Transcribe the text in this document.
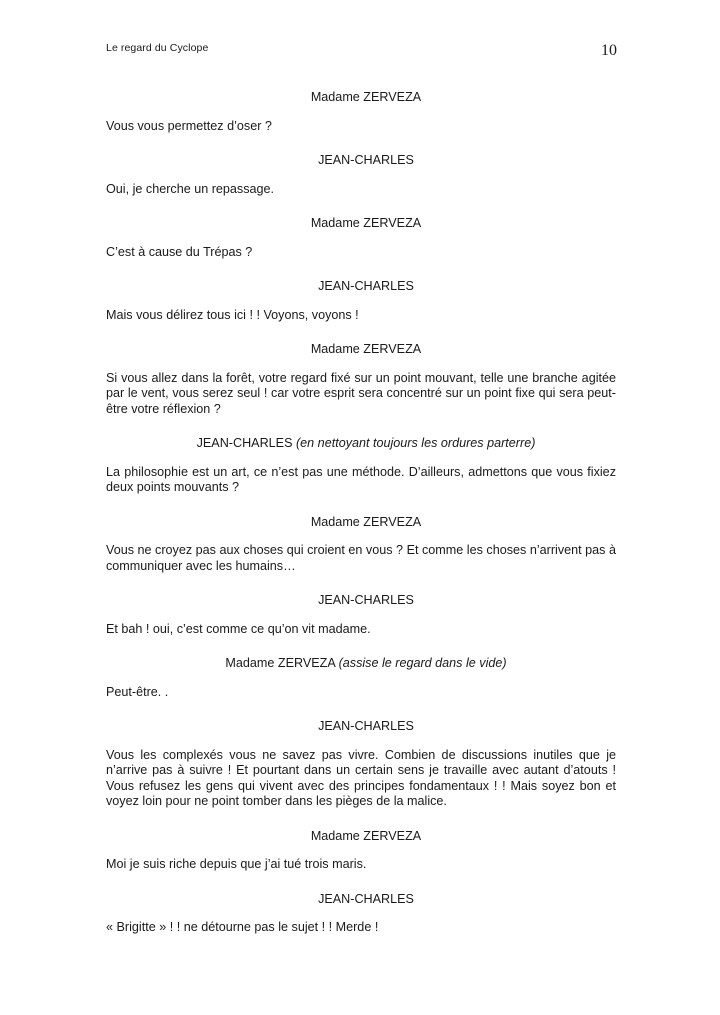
Le regard du Cyclope	10
Madame ZERVEZA
Vous vous permettez d’oser ?
JEAN-CHARLES
Oui, je cherche un repassage.
Madame ZERVEZA
C’est à cause du Trépas ?
JEAN-CHARLES
Mais vous délirez tous ici ! ! Voyons, voyons !
Madame ZERVEZA
Si vous allez dans la forêt, votre regard fixé sur un point mouvant, telle une branche agitée par le vent, vous serez seul ! car votre esprit sera concentré sur un point fixe qui sera peut-être votre réflexion ?
JEAN-CHARLES (en nettoyant toujours les ordures parterre)
La philosophie est un art, ce n’est pas une méthode. D’ailleurs, admettons que vous fixiez deux points mouvants ?
Madame ZERVEZA
Vous ne croyez pas aux choses qui croient en vous ? Et comme les choses n’arrivent pas à communiquer avec les humains…
JEAN-CHARLES
Et bah ! oui, c’est comme ce qu’on vit madame.
Madame ZERVEZA (assise le regard dans le vide)
Peut-être. .
JEAN-CHARLES
Vous les complexés vous ne savez pas vivre. Combien de discussions inutiles que je n’arrive pas à suivre ! Et pourtant dans un certain sens je travaille avec autant d’atouts ! Vous refusez les gens qui vivent avec des principes fondamentaux ! ! Mais soyez bon et voyez loin pour ne point tomber dans les pièges de la malice.
Madame ZERVEZA
Moi je suis riche depuis que j’ai tué trois maris.
JEAN-CHARLES
« Brigitte » ! ! ne détourne pas le sujet ! ! Merde !
